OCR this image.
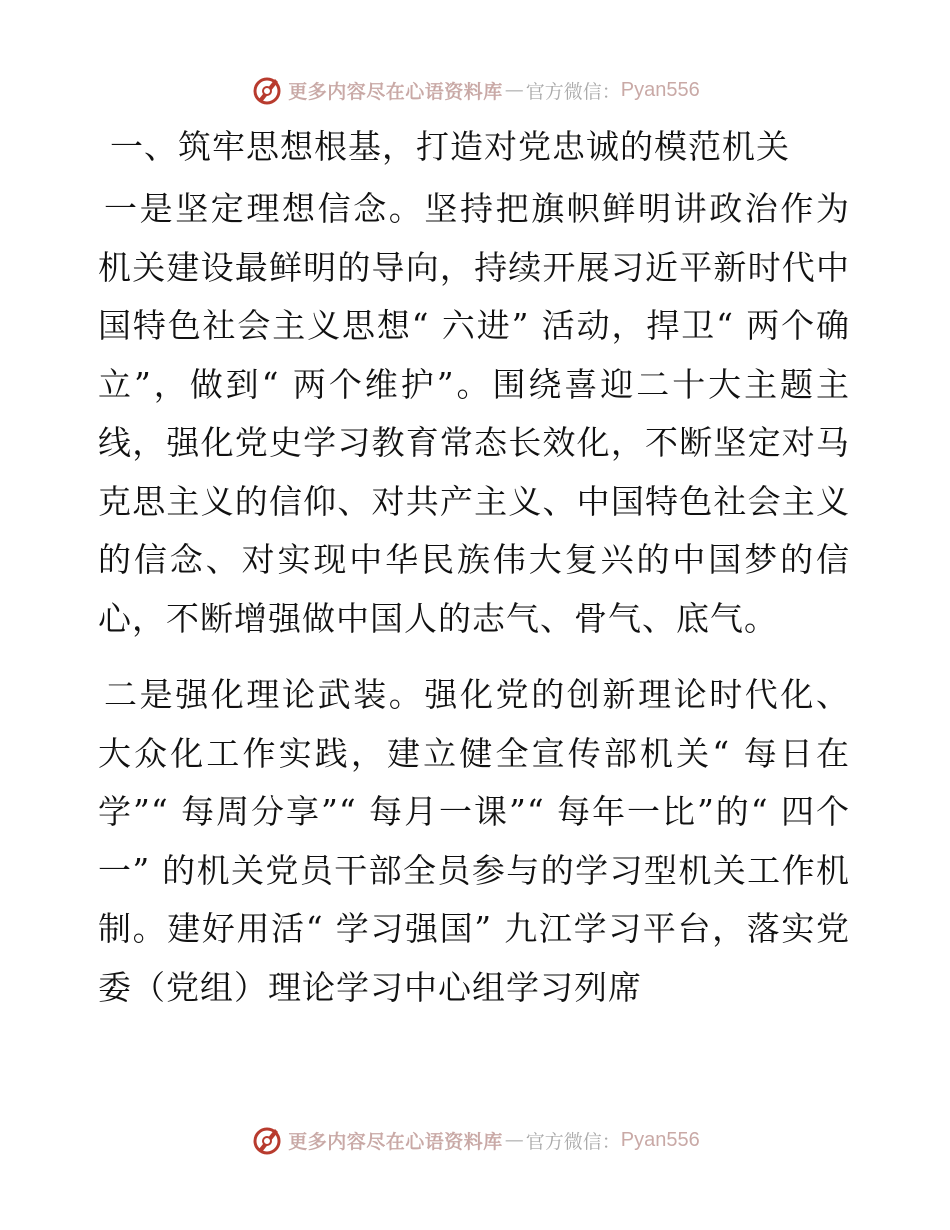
更多内容尽在心语资料库 — 官方微信： Pyan556
一、筑牢思想根基，打造对党忠诚的模范机关

一是坚定理想信念。坚持把旗帜鲜明讲政治作为机关建设最鲜明的导向，持续开展习近平新时代中国特色社会主义思想“ 六进” 活动，捍卫“ 两个确立”，做到“ 两个维护”。围绕喜迎二十大主题主线，强化党史学习教育常态长效化，不断坚定对马克思主义的信仰、对共产主义、中国特色社会主义的信念、对实现中华民族伟大复兴的中国梦的信心，不断增强做中国人的志气、骨气、底气。

二是强化理论武装。强化党的创新理论时代化、大众化工作实践，建立健全宣传部机关“ 每日在学”“ 每周分享”“ 每月一课”“ 每年一比”的“ 四个一” 的机关党员干部全员参与的学习型机关工作机制。建好用活“ 学习强国” 九江学习平台，落实党委（党组）理论学习中心组学习列席

更多内容尽在心语资料库 — 官方微信： Pyan556
